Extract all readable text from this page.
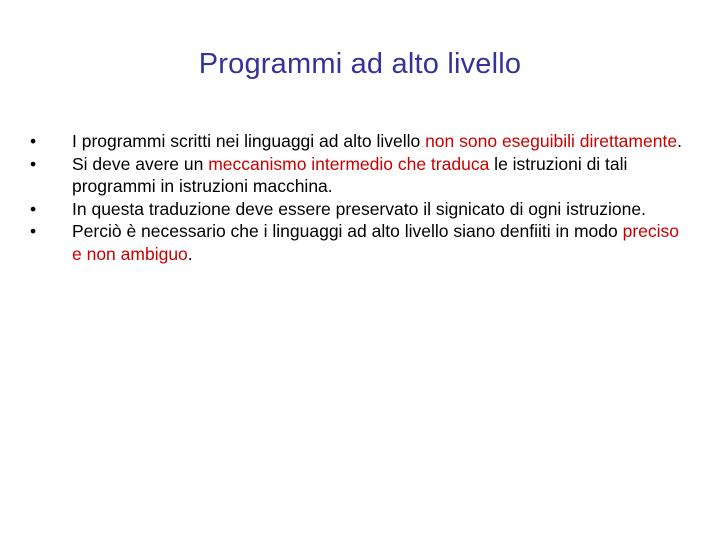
Programmi ad alto livello
• I programmi scritti nei linguaggi ad alto livello non sono eseguibili direttamente.
• Si deve avere un meccanismo intermedio che traduca le istruzioni di tali programmi in istruzioni macchina.
• In questa traduzione deve essere preservato il signicato di ogni istruzione.
• Perciò è necessario che i linguaggi ad alto livello siano denfiiti in modo preciso e non ambiguo.
